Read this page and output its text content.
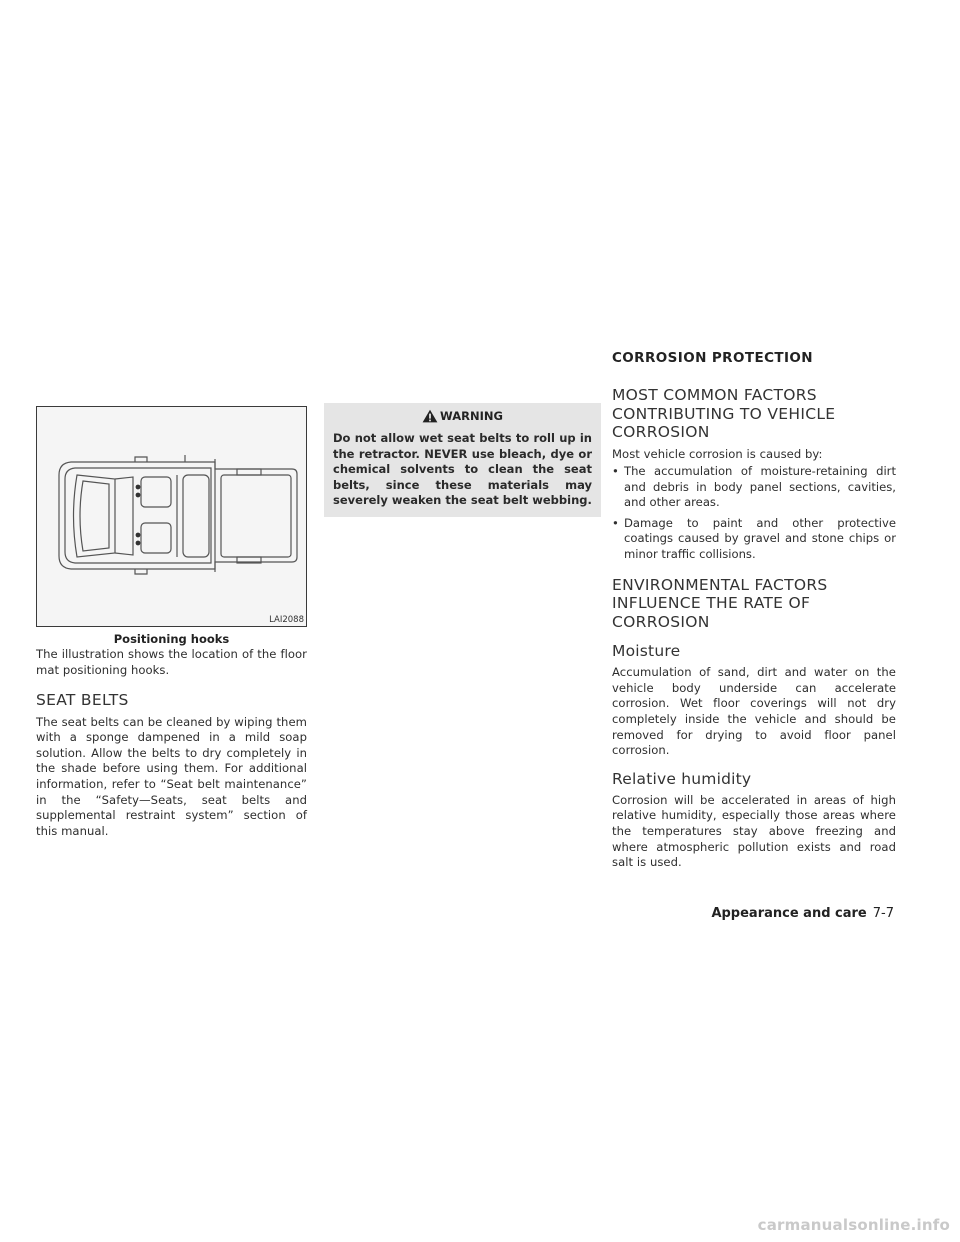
LAI2088
Positioning hooks

The illustration shows the location of the floor mat positioning hooks.

SEAT BELTS

The seat belts can be cleaned by wiping them with a sponge dampened in a mild soap solution. Allow the belts to dry completely in the shade before using them. For additional information, refer to “Seat belt maintenance” in the “Safety—Seats, seat belts and supplemental restraint system” section of this manual.

WARNING

Do not allow wet seat belts to roll up in the retractor. NEVER use bleach, dye or chemical solvents to clean the seat belts, since these materials may severely weaken the seat belt webbing.

CORROSION PROTECTION
MOST COMMON FACTORS CONTRIBUTING TO VEHICLE CORROSION

Most vehicle corrosion is caused by:

• The accumulation of moisture-retaining dirt and debris in body panel sections, cavities, and other areas.
• Damage to paint and other protective coatings caused by gravel and stone chips or minor traffic collisions.
ENVIRONMENTAL FACTORS INFLUENCE THE RATE OF CORROSION
Moisture

Accumulation of sand, dirt and water on the vehicle body underside can accelerate corrosion. Wet floor coverings will not dry completely inside the vehicle and should be removed for drying to avoid floor panel corrosion.

Relative humidity

Corrosion will be accelerated in areas of high relative humidity, especially those areas where the temperatures stay above freezing and where atmospheric pollution exists and road salt is used.

Appearance and care 7-7
carmanualsonline.info
